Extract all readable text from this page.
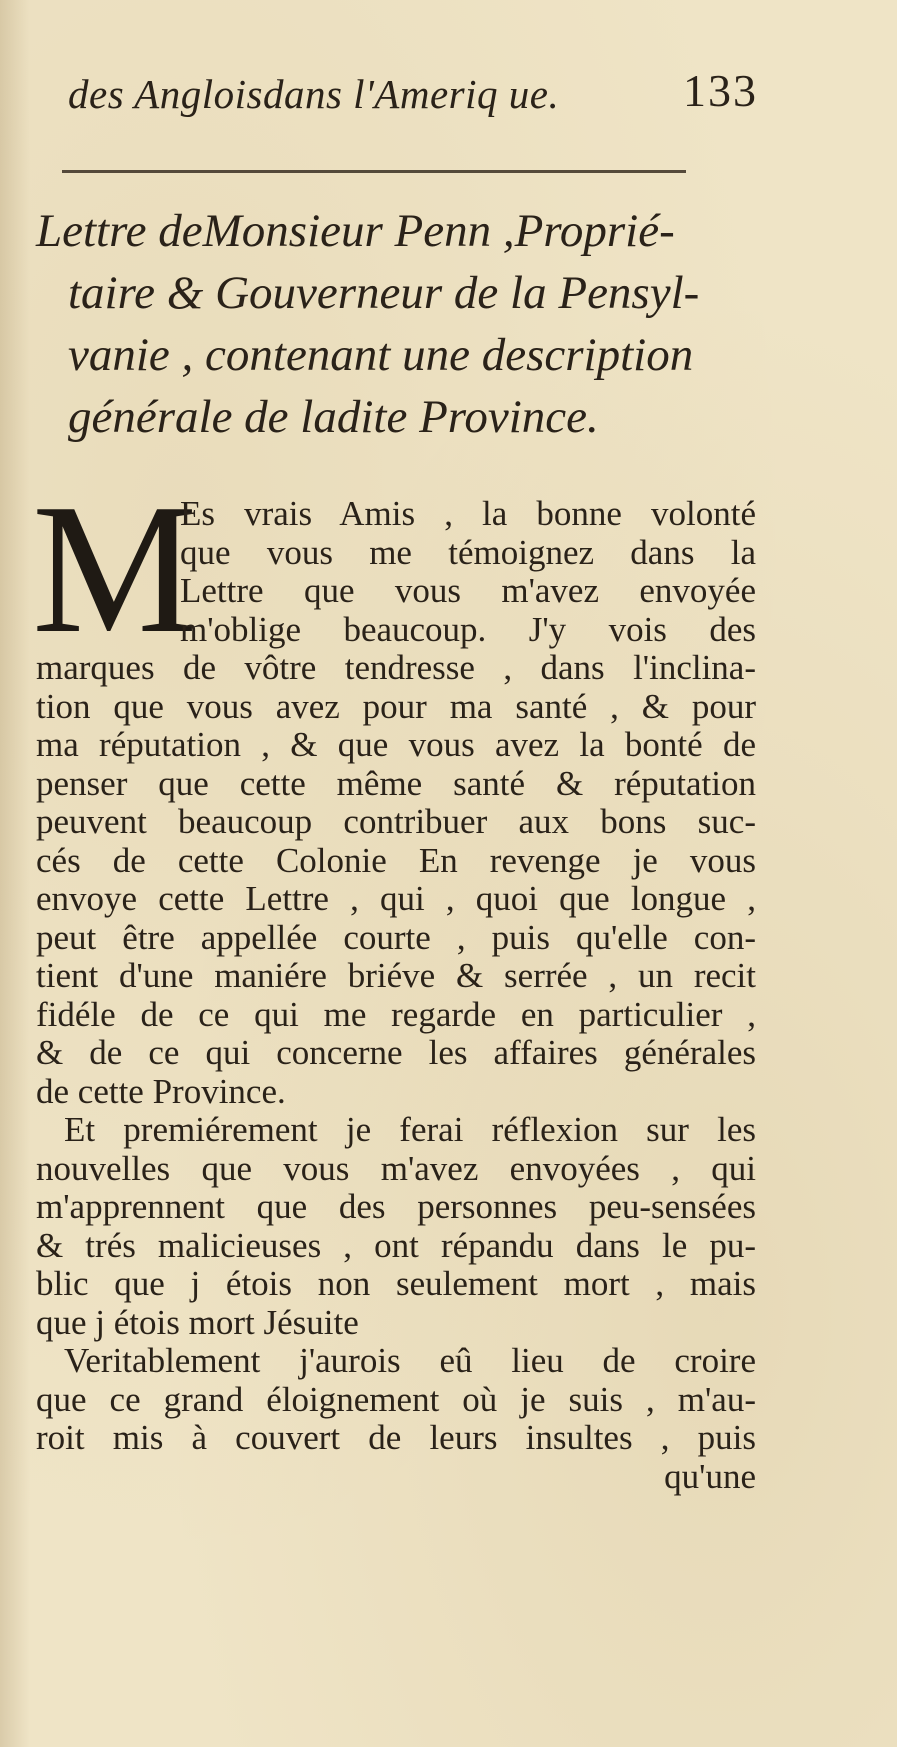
des Angloisdans l'Ameriq ue.	133
Lettre deMonsieur Penn ,Proprié-
taire & Gouverneur de la Pensyl-
vanie , contenant une description
générale de ladite Province.
M
Es vrais Amis , la bonne volonté
que vous me témoignez dans la
Lettre que vous m'avez envoyée
m'oblige beaucoup. J'y vois des
marques de vôtre tendresse , dans l'inclina-
tion que vous avez pour ma santé , & pour
ma réputation , & que vous avez la bonté de
penser que cette même santé & réputation
peuvent beaucoup contribuer aux bons suc-
cés de cette Colonie En revenge je vous
envoye cette Lettre , qui , quoi que longue ,
peut être appellée courte , puis qu'elle con-
tient d'une maniére briéve & serrée , un recit
fidéle de ce qui me regarde en particulier ,
& de ce qui concerne les affaires générales
de cette Province.
Et premiérement je ferai réflexion sur les
nouvelles que vous m'avez envoyées , qui
m'apprennent que des personnes peu-sensées
& trés malicieuses , ont répandu dans le pu-
blic que j étois non seulement mort , mais
que j étois mort Jésuite
Veritablement j'aurois eû lieu de croire
que ce grand éloignement où je suis , m'au-
roit mis à couvert de leurs insultes , puis
qu'une
